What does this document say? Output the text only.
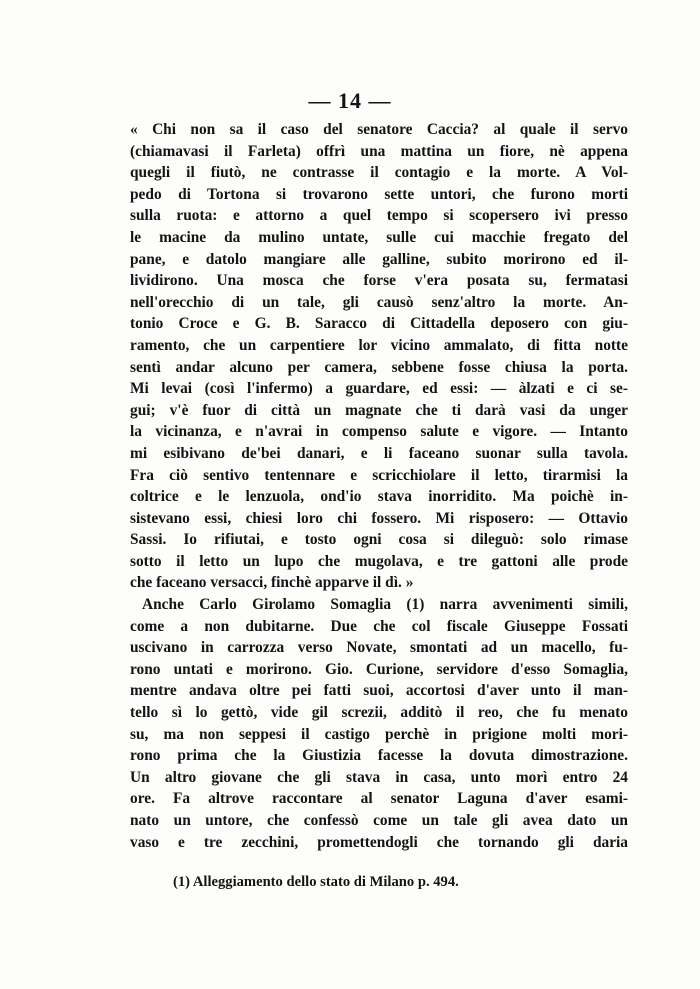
— 14 —
« Chi non sa il caso del senatore Caccia? al quale il servo
(chiamavasi il Farleta) offrì una mattina un fiore, nè appena
quegli il fiutò, ne contrasse il contagio e la morte. A Vol-
pedo di Tortona si trovarono sette untori, che furono morti
sulla ruota: e attorno a quel tempo si scopersero ivi presso
le macine da mulino untate, sulle cui macchie fregato del
pane, e datolo mangiare alle galline, subito morirono ed il-
lividirono. Una mosca che forse v'era posata su, fermatasi
nell'orecchio di un tale, gli causò senz'altro la morte. An-
tonio Croce e G. B. Saracco di Cittadella deposero con giu-
ramento, che un carpentiere lor vicino ammalato, di fitta notte
sentì andar alcuno per camera, sebbene fosse chiusa la porta.
Mi levai (così l'infermo) a guardare, ed essi: — àlzati e ci se-
gui; v'è fuor di città un magnate che ti darà vasi da unger
la vicinanza, e n'avrai in compenso salute e vigore. — Intanto
mi esibivano de'bei danari, e li faceano suonar sulla tavola.
Fra ciò sentivo tentennare e scricchiolare il letto, tirarmisi la
coltrice e le lenzuola, ond'io stava inorridito. Ma poichè in-
sistevano essi, chiesi loro chi fossero. Mi risposero: — Ottavio
Sassi. Io rifiutai, e tosto ogni cosa si dileguò: solo rimase
sotto il letto un lupo che mugolava, e tre gattoni alle prode
che faceano versacci, finchè apparve il dì. »
Anche Carlo Girolamo Somaglia (1) narra avvenimenti simili,
come a non dubitarne. Due che col fiscale Giuseppe Fossati
uscivano in carrozza verso Novate, smontati ad un macello, fu-
rono untati e morirono. Gio. Curione, servidore d'esso Somaglia,
mentre andava oltre pei fatti suoi, accortosi d'aver unto il man-
tello sì lo gettò, vide gil screzii, additò il reo, che fu menato
su, ma non seppesi il castigo perchè in prigione molti mori-
rono prima che la Giustizia facesse la dovuta dimostrazione.
Un altro giovane che gli stava in casa, unto morì entro 24
ore. Fa altrove raccontare al senator Laguna d'aver esami-
nato un untore, che confessò come un tale gli avea dato un
vaso e tre zecchini, promettendogli che tornando gli daria
(1) Alleggiamento dello stato di Milano p. 494.
